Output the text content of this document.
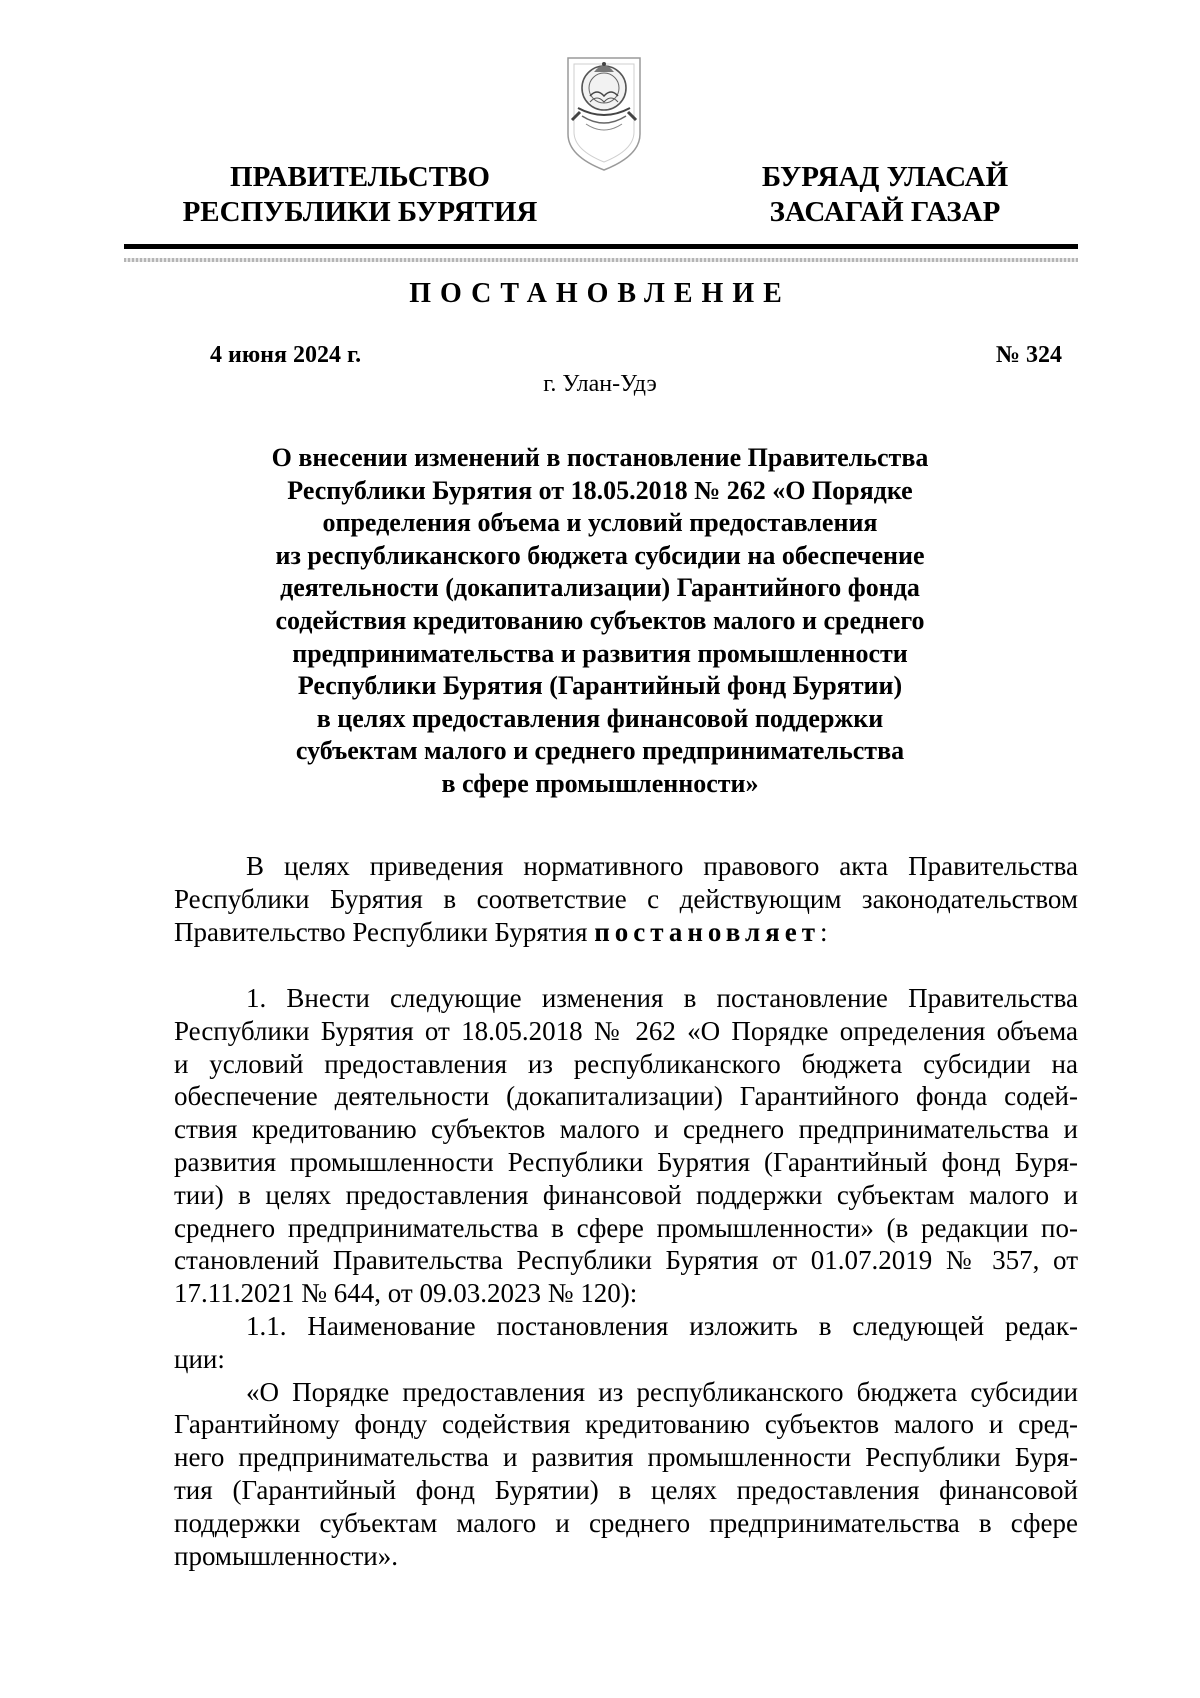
ПРАВИТЕЛЬСТВО
РЕСПУБЛИКИ БУРЯТИЯ
БУРЯАД УЛАСАЙ
ЗАСАГАЙ ГАЗАР
ПОСТАНОВЛЕНИЕ
4 июня 2024 г.	№ 324
г. Улан-Удэ
О внесении изменений в постановление Правительства
Республики Бурятия от 18.05.2018 № 262 «О Порядке
определения объема и условий предоставления
из республиканского бюджета субсидии на обеспечение
деятельности (докапитализации) Гарантийного фонда
содействия кредитованию субъектов малого и среднего
предпринимательства и развития промышленности
Республики Бурятия (Гарантийный фонд Бурятии)
в целях предоставления финансовой поддержки
субъектам малого и среднего предпринимательства
в сфере промышленности»
В целях приведения нормативного правового акта Правительства
Республики Бурятия в соответствие с действующим законодательством
Правительство Республики Бурятия постановляет:
1. Внести следующие изменения в постановление Правительства
Республики Бурятия от 18.05.2018 № 262 «О Порядке определения объема
и условий предоставления из республиканского бюджета субсидии на
обеспечение деятельности (докапитализации) Гарантийного фонда содей-
ствия кредитованию субъектов малого и среднего предпринимательства и
развития промышленности Республики Бурятия (Гарантийный фонд Буря-
тии) в целях предоставления финансовой поддержки субъектам малого и
среднего предпринимательства в сфере промышленности» (в редакции по-
становлений Правительства Республики Бурятия от 01.07.2019 № 357, от
17.11.2021 № 644, от 09.03.2023 № 120):
1.1. Наименование постановления изложить в следующей редак-
ции:
«О Порядке предоставления из республиканского бюджета субсидии
Гарантийному фонду содействия кредитованию субъектов малого и сред-
него предпринимательства и развития промышленности Республики Буря-
тия (Гарантийный фонд Бурятии) в целях предоставления финансовой
поддержки субъектам малого и среднего предпринимательства в сфере
промышленности».
